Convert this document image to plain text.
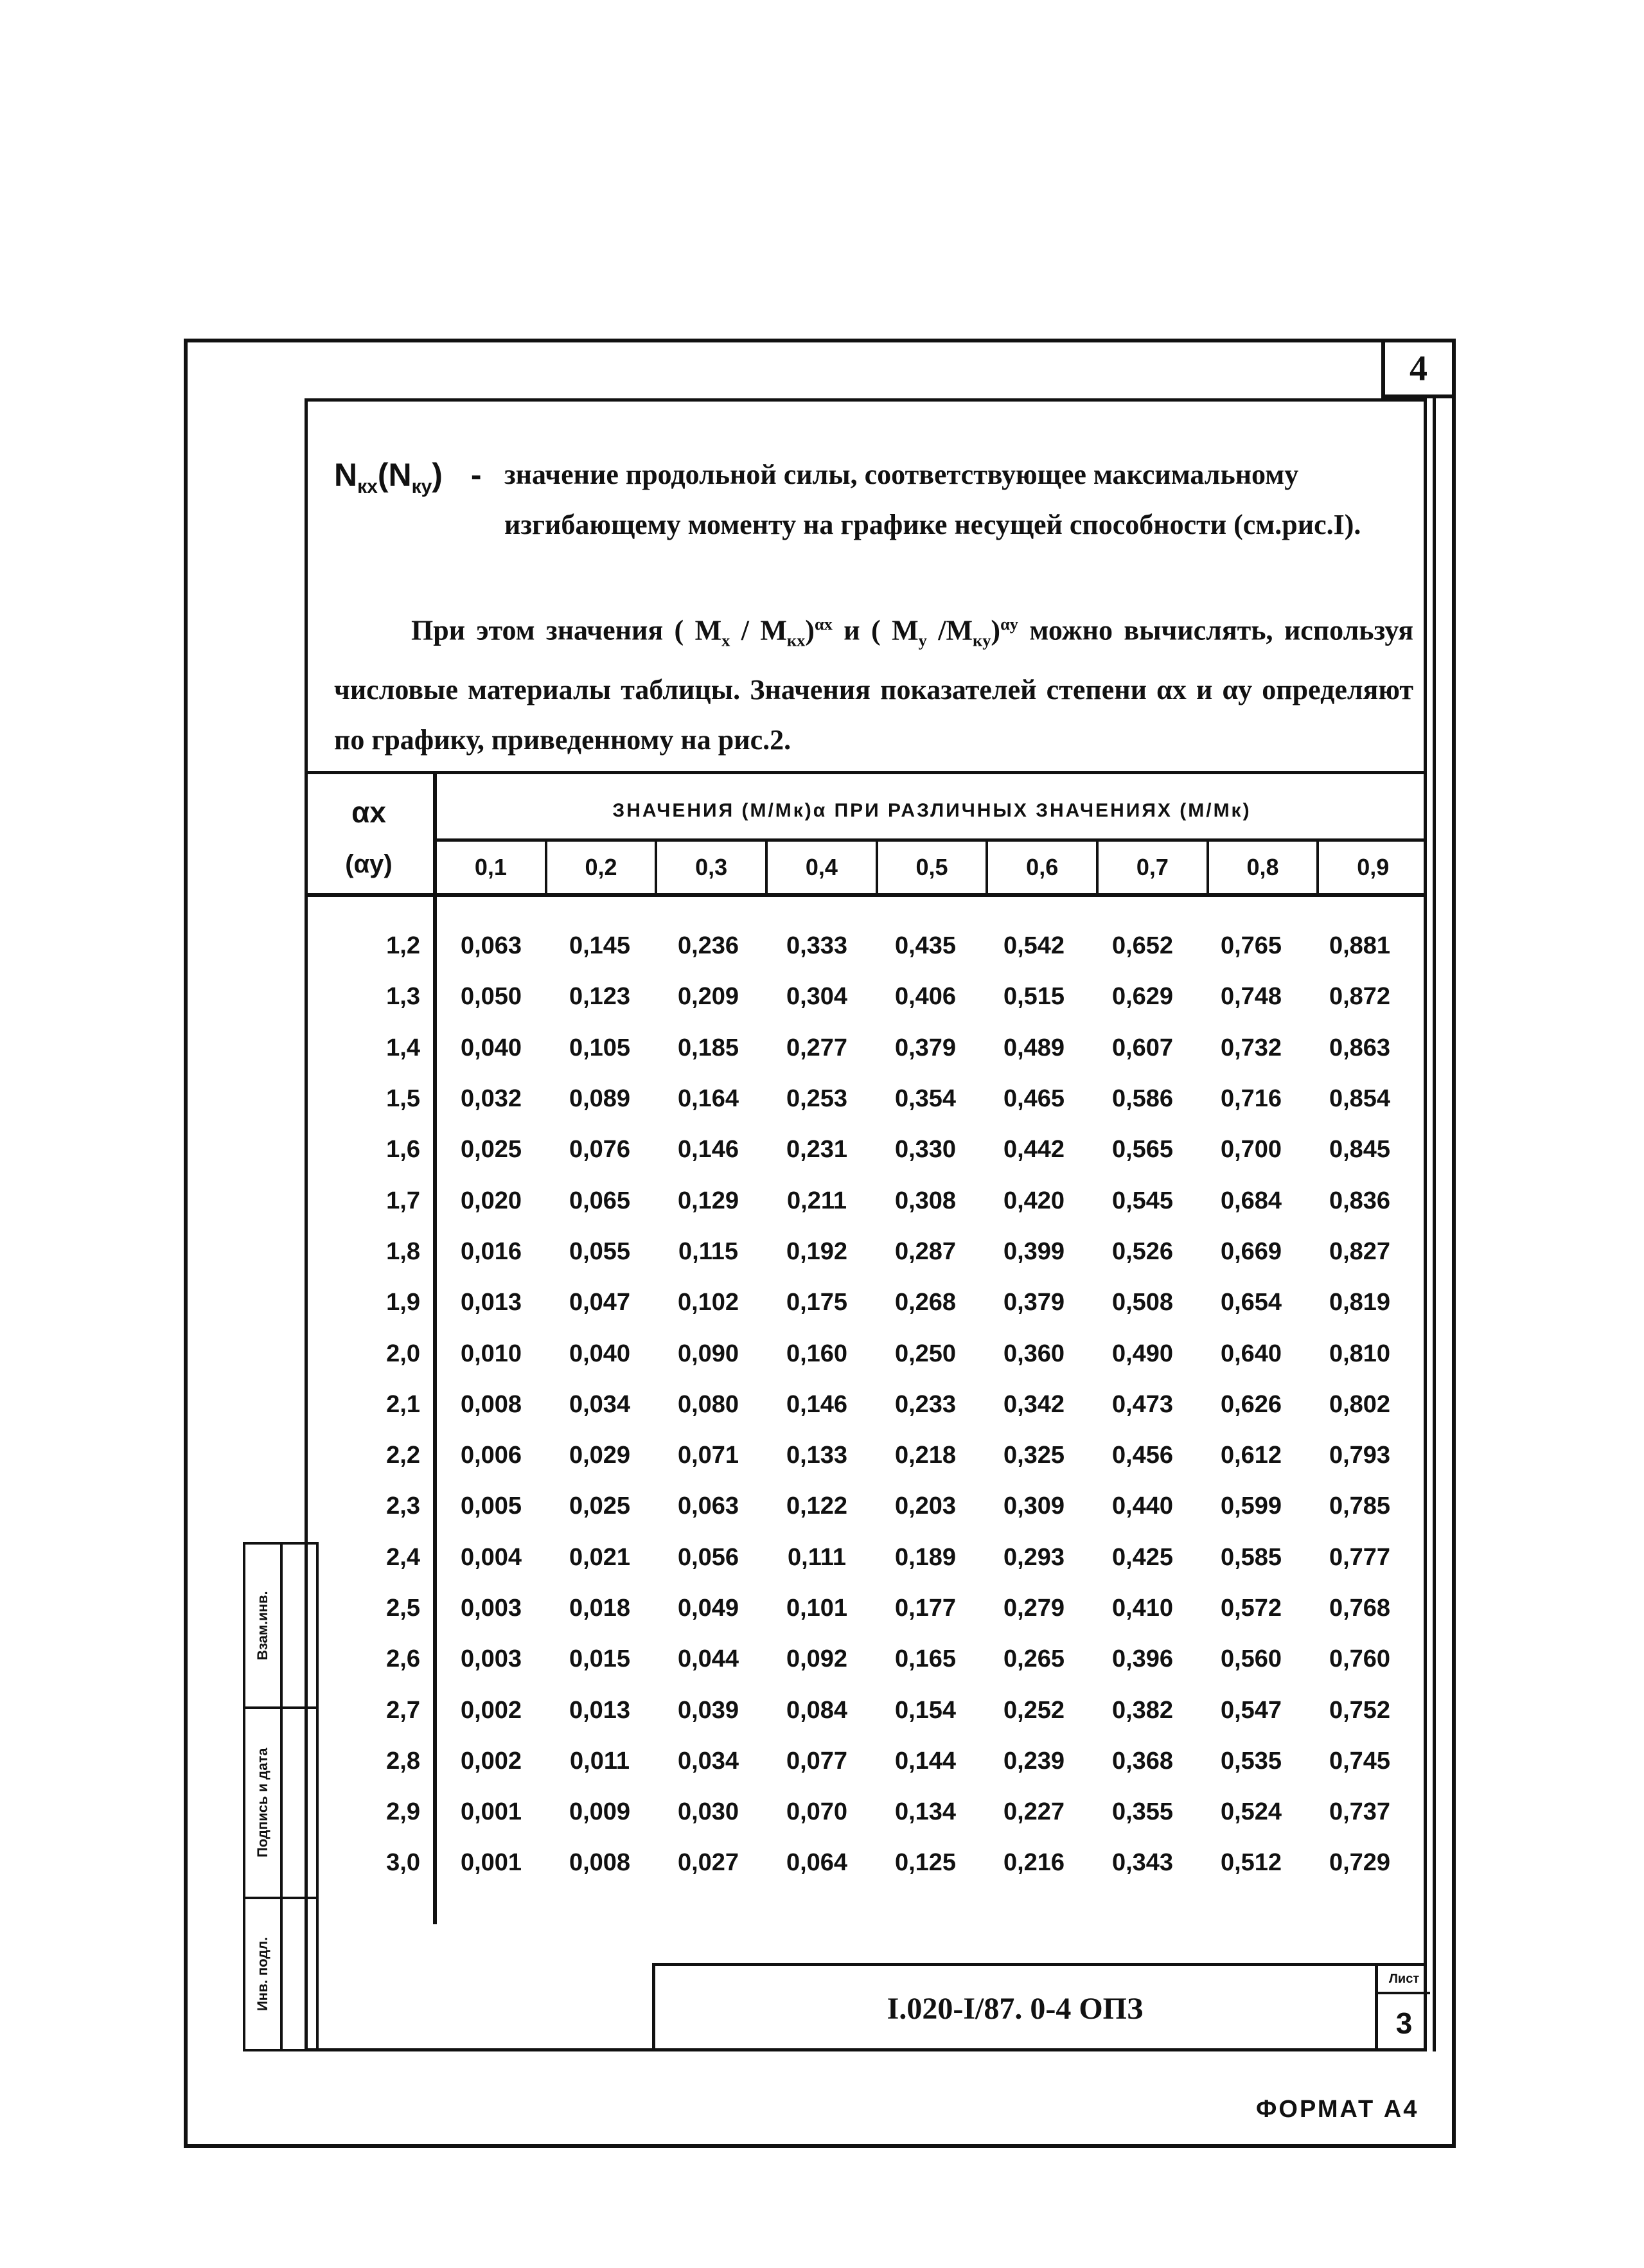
4
Взам.инв.
Подпись и дата
Инв. подл.
$N_{кх}(N_{кy})$ - значение продольной силы, соответствующее максимальному изгибающему моменту на графике несущей способности (см.рис.I).
При этом значения ( $M_x / M_{кх})^{\alpha x}$ и ( $M_y$ $/M_{кy})^{\alpha y}$ можно вычислять, используя числовые материалы таблицы. Значения показателей степени αx и αy определяют по графику, приведенному на рис.2.
αx
(αy)
ЗНАЧЕНИЯ (M/Mк)α ПРИ РАЗЛИЧНЫХ ЗНАЧЕНИЯХ (M/Mк)
0,1	0,2	0,3	0,4	0,5	0,6	0,7	0,8	0,9
1,2	0,063	0,145	0,236	0,333	0,435	0,542	0,652	0,765	0,881
1,3	0,050	0,123	0,209	0,304	0,406	0,515	0,629	0,748	0,872
1,4	0,040	0,105	0,185	0,277	0,379	0,489	0,607	0,732	0,863
1,5	0,032	0,089	0,164	0,253	0,354	0,465	0,586	0,716	0,854
1,6	0,025	0,076	0,146	0,231	0,330	0,442	0,565	0,700	0,845
1,7	0,020	0,065	0,129	0,211	0,308	0,420	0,545	0,684	0,836
1,8	0,016	0,055	0,115	0,192	0,287	0,399	0,526	0,669	0,827
1,9	0,013	0,047	0,102	0,175	0,268	0,379	0,508	0,654	0,819
2,0	0,010	0,040	0,090	0,160	0,250	0,360	0,490	0,640	0,810
2,1	0,008	0,034	0,080	0,146	0,233	0,342	0,473	0,626	0,802
2,2	0,006	0,029	0,071	0,133	0,218	0,325	0,456	0,612	0,793
2,3	0,005	0,025	0,063	0,122	0,203	0,309	0,440	0,599	0,785
2,4	0,004	0,021	0,056	0,111	0,189	0,293	0,425	0,585	0,777
2,5	0,003	0,018	0,049	0,101	0,177	0,279	0,410	0,572	0,768
2,6	0,003	0,015	0,044	0,092	0,165	0,265	0,396	0,560	0,760
2,7	0,002	0,013	0,039	0,084	0,154	0,252	0,382	0,547	0,752
2,8	0,002	0,011	0,034	0,077	0,144	0,239	0,368	0,535	0,745
2,9	0,001	0,009	0,030	0,070	0,134	0,227	0,355	0,524	0,737
3,0	0,001	0,008	0,027	0,064	0,125	0,216	0,343	0,512	0,729
I.020-I/87. 0-4 ОПЗ
Лист
3
ФОРМАТ А4
